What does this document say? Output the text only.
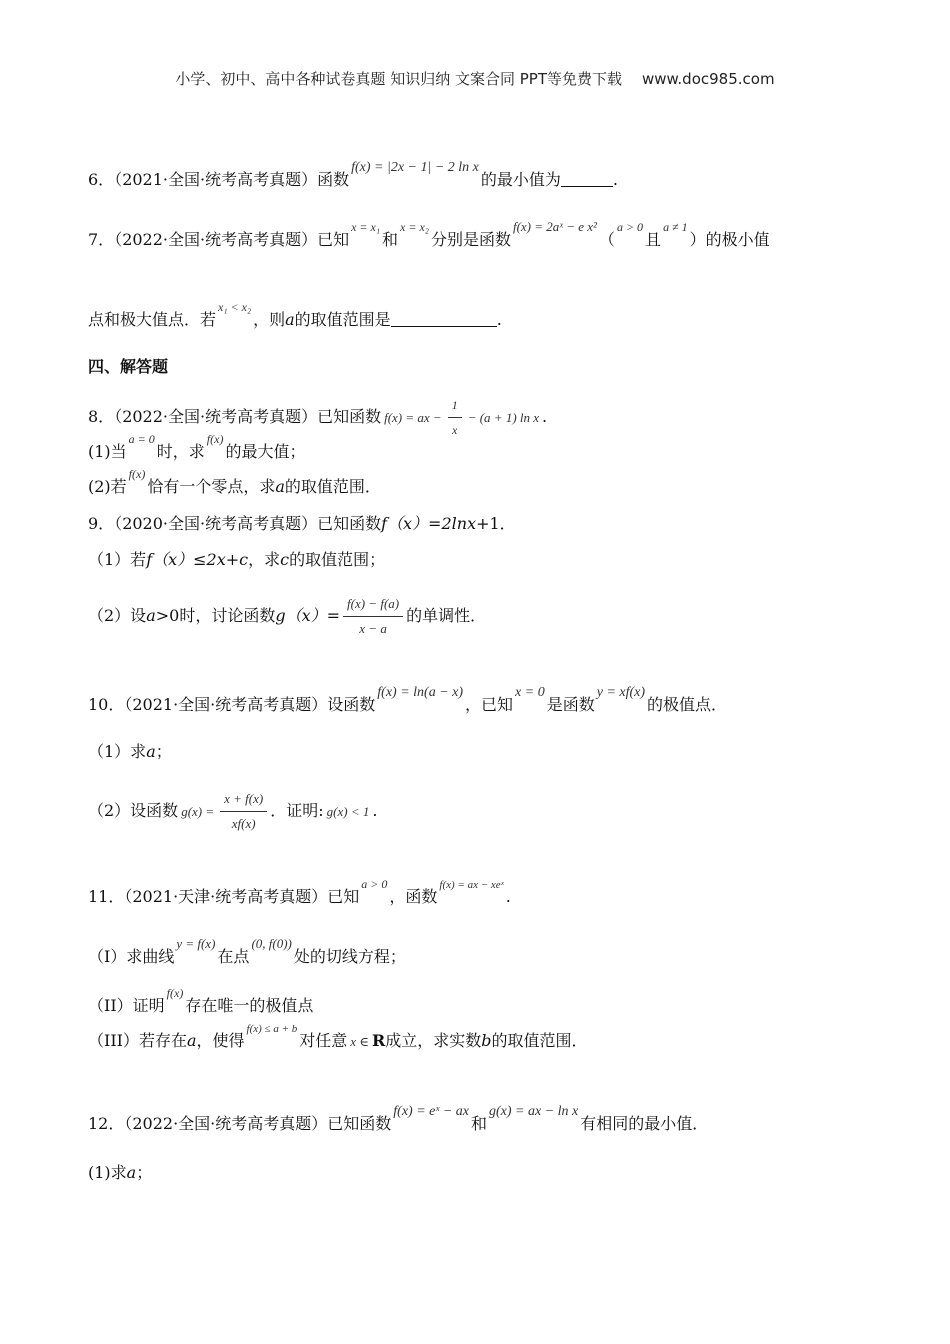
小学、初中、高中各种试卷真题 知识归纳 文案合同 PPT等免费下载 www.doc985.com
6．（2021·全国·统考高考真题）函数f(x) = |2x − 1| − 2 ln x的最小值为	.
7．（2022·全国·统考高考真题）已知x = x₁和x = x₂分别是函数f(x) = 2aˣ − e x²（a > 0且a ≠ 1）的极小值
点和极大值点．若x₁ < x₂，则a的取值范围是	.
四、解答题
8．（2022·全国·统考高考真题）已知函数 f(x) = ax − $\frac{1}{x} - (a + 1)$ ln x .
(1)当a = 0时，求f(x)的最大值；
(2)若f(x)恰有一个零点，求a的取值范围．
9．（2020·全国·统考高考真题）已知函数f（x）=2lnx+1．
（1）若f（x）≤2x+c，求c的取值范围；
（2）设a>0时，讨论函数$g(x)= \frac{f(x) - f(a)}{x - a}$ 的单调性．
10．（2021·全国·统考高考真题）设函数f(x) = ln(a − x)，已知x = 0是函数y = xf(x)的极值点．
（1）求a；
（2）设函数 $g(x) = \frac{x + f(x)}{xf(x)}$ ．证明: g(x) < 1 .
11．（2021·天津·统考高考真题）已知a > 0，函数f(x) = ax − xeˣ.
（I）求曲线y = f(x)在点(0, f(0))处的切线方程；
（II）证明f(x)存在唯一的极值点
（III）若存在a，使得f(x) ≤ a + b对任意 x ∈ R成立，求实数b的取值范围．
12．（2022·全国·统考高考真题）已知函数f(x) = eˣ − ax和g(x) = ax − ln x有相同的最小值．
(1)求a；
